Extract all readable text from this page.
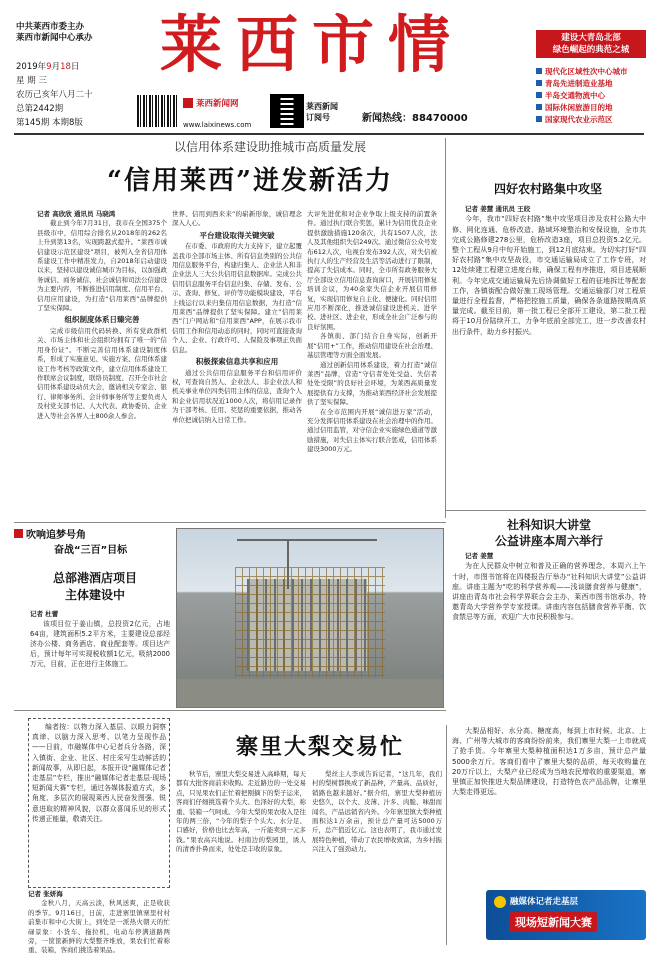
中共莱西市委主办
莱西市新闻中心承办
2019年9月18日
星 期 三
农历己亥年八月二十
总第2442期
第145期 本期8版
莱西市情
莱西新闻网
www.laixinews.com
莱西新闻
订阅号	新闻热线：88470000
建设大青岛北部
绿色崛起的典范之城
现代化区域性次中心城市
青岛先进制造业基地
半岛交通物流中心
国际休闲旅游目的地
国家现代农业示范区
以信用体系建设助推城市高质量发展
“信用莱西”迸发新活力
记者 高欣欣 通讯员 马晓鸿
截止到今年7月31日，我市在全国375个县级市中，信用综合排名从2018年的262名上升到第13名，实现跨越式提升。“莱西市诚信建设示范区建设”项目，被列入全省信用体系建设工作中精准发力，自2018年启动建设以来，坚持以建设诚信城市为目标，以加强政务诚信、商务诚信、社会诚信和司法公信建设为主要内容，不断推进信用制度、信用平台、信用应用建设，为打造“信用莱西”品牌提供了坚实保障。
组织制度体系日臻完善
完成市级信用代码转换、所有党政群机关、市场主体和社会组织均拥有了唯一的“信用身份证”。不断完善信用体系建设制度体系，形成了实施意见、实施方案、信用体系建设工作考核等政策文件，建立信用体系建设工作联席会议制度，联络员制度、召开全市社会信用体系建设动员大会，邀请相关专家会、银行、律师事务所、会计师事务所等主要负责人及村党支部书记、人大代表、政协委员、企业进入等社会各界人士800余人参会。
世界、信用到西来来”的崭新形象，诚信理念深入人心。
平台建设取得关键突破
在市委、市政府的大力支持下，建立起覆盖我市全部市场主体、所有信息类别的公共信用信息服务平台，构建归集人、企业法人和非企业法人三大公共信用信息数据库。完成公共信用信息服务平台信息归集、存储、发布、公示、查询、修复、评价等功能模块建设，平台上线运行以来归集信用信息数据，为打造“信用莱西”品牌提供了坚实保障。建立“信用莱西”门户网站和“信用莱西”APP，在展示我市信用工作和信用动态的同时，同时可直接查询个人、企业、行政许可、人保险及事项正负面信息。
积极探索信息共享和应用
通过公共信用信息服务平台和信用评价权，可查询自然人、企业法人、非企业法人和机关事业单位四类信用主体的信息，查询个人和企业信用状况近1000人次，将信用记录作为干部考核、任用、奖惩的重要依据，推动各单位把诚信纳入日常工作。
大评先进优和对企业争取上级支持的前置条件。通过执行联合奖惩，累计为信用优良企业提供激励措施120余次，共有1507人次，法人及其他组织失信249次。通过微信公众号发布612人次，电视台发布392人次，对失信被执行人的生产经营及生活等活动进行了限制，提高了失信成本。同时，全市所有政务服务大厅全部设立信用信息查询窗口，开展信用修复培训会议，为40余家失信企业开展信用修复，实现信用修复自主化、便捷化。同时信用应用不断深化，推进诚信建设进机关、进学校、进社区、进企业，形成全社会广泛参与的良好氛围。
各镇街、部门结合自身实际，创新开展“信用+”工作，推动信用建设在社会治理、基层管理等方面全面发展。
通过创新信用体系建设，着力打造“诚信莱西”品牌，营造“守信者处处受益、失信者处处受限”的良好社会环境，为莱西高质量发展提供有力支撑，为推动莱西经济社会发展提供了坚实保障。
在全市范围内开展“诚信进万家”活动，充分发挥信用体系建设在社会治理中的作用。通过信用监管，对守信企业实施绿色通道等激励措施，对失信主体实行联合惩戒，信用体系建设3000万元。
四好农村路集中攻坚
记者 姜慧 通讯员 王皎
今年，我市“四好农村路”集中攻坚项目涉及农村公路大中修、网化连通、危桥改造、路域环境整治和安保设施，全市共完成公路修建278公里，危桥改造3座，项目总投资5.2亿元。整个工程从9月中旬开始施工，到12月底结束。为切实打好“四好农村路”集中攻坚战役，市交通运输局成立了工作专班，对12处续建工程建立进度台账，确保工程有序推进，项目进展顺利。今年完成交通运输局先后协调做好工程的征地拆迁等配套工作，各镇街配合做好施工现场管理。交通运输部门对工程质量进行全程监督，严格把控施工质量，确保各条道路按期高质量完成。截至目前，第一批工程已全部开工建设，第二批工程将于10月份陆续开工，力争年底前全部完工，进一步改善农村出行条件，助力乡村振兴。
社科知识大讲堂
公益讲座本周六举行
记者 姜慧
为在人民群众中树立和普及正确的营养理念，本周六上午十时，市图书馆将在四楼报告厅举办“社科知识大讲堂”公益讲座。讲座主题为“吃的科学营养观——浅谈膳食营养与健康”，讲座由青岛市社会科学界联合会主办，莱西市图书馆承办，特邀青岛大学营养学专家授课。讲座内容包括膳食营养平衡、饮食禁忌等方面，欢迎广大市民积极参与。
吹响追梦号角
奋战“三百”目标
总部港酒店项目
主体建设中
记者 杜蕾
该项目位于姜山镇，总投资2亿元，占地64亩，建筑面积5.2平方米，主要建设总部经济办公楼、商务酒店、商业配套等。项目达产后，预计每年可实现税收额1亿元，吸纳2000万元，目前，正在进行主体施工。
编者按：以物力深入基层、以眼力洞察真谛、以脑力深入思考、以笔力呈现作品——日前，市融媒体中心记者兵分各路，深入镇街、企业、社区、村庄采写生动鲜活的新闻故事，从即日起，本报开设“融媒体记者走基层”专栏，推出“融媒体记者走基层·现场短新闻大赛”专栏，通过各媒体报道方式，多角度、多层次的展现莱西人民奋发图强、锐意进取的精神风貌，以群众喜闻乐见的形式传递正能量，敬请关注。
寨里大梨交易忙
记者 张妍海
金秋八月，天高云淡，秋风送爽，正是收获的季节。9月16日，日前，走进寨里镇寨里村村前集市和中心大街上，到处是一派热火朝天的忙碌景象：小货车、拖拉机、电动车停满道路两旁，一筐筐新鲜的大梨整齐堆放，果农们忙着称重、装箱，客商们挑选着果品。
秋节后，寨里大梨交易进入高峰期，每天都有大批客商前来收购。走近路边的一处交易点，只见果农们正忙着把刚摘下的梨子运来，客商们仔细挑选着个头大、色泽好的大梨，称重、装箱一气呵成。今年大梨的果农收入是往年的两三倍，“今年的梨子个头大、水分足、口感好，价格也比去年高，一斤能卖到一元多钱。”果农高兴地说。村南边的梨园里，诱人的清香扑鼻而来，处处是丰收的景象。
梨丝主人李成告诉记者，“这几年，我们村的梨树都换成了新品种，产量高、品质好，销路也越来越好。”据介绍，寨里大梨种植历史悠久，以个大、皮薄、汁多、肉脆、味甜而闻名，产品远销省内外。今年寨里镇大梨种植面积达1万余亩，预计总产量可达5000万斤，总产值近亿元。这也表明了，我市通过发展特色种植，带动了农民增收致富，为乡村振兴注入了强劲动力。
大梨品相好、水分高、糖度高，每到上市时候，北京、上海、广州等大城市的客商纷纷前来，我们寨里大梨一上市就成了抢手货。今年寨里大梨种植面积达1万多亩，预计总产量5000余万斤。客商们看中了寨里大梨的品质，每天收购量在20万斤以上，大梨产业已经成为当地农民增收的重要渠道，寨里镇正加快推进大梨品牌建设，打造特色农产品品牌，让寨里大梨走得更远。
融媒体记者走基层
现场短新闻大赛
